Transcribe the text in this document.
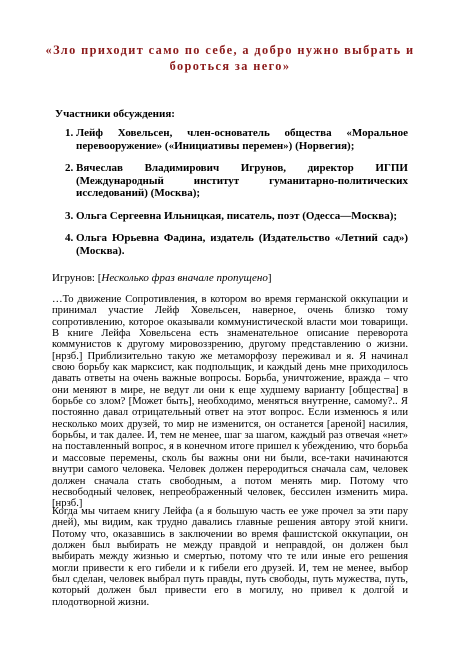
«Зло приходит само по себе, а добро нужно выбрать и бороться за него»
Участники обсуждения:
1. Лейф Ховельсен, член-основатель общества «Моральное перевооружение» («Инициативы перемен») (Норвегия);
2. Вячеслав Владимирович Игрунов, директор ИГПИ (Международный институт гуманитарно-политических исследований) (Москва);
3. Ольга Сергеевна Ильницкая, писатель, поэт (Одесса—Москва);
4. Ольга Юрьевна Фадина, издатель (Издательство «Летний сад») (Москва).
Игрунов: [Несколько фраз вначале пропущено]

…То движение Сопротивления, в котором во время германской оккупации и принимал участие Лейф Ховельсен, наверное, очень близко тому сопротивлению, которое оказывали коммунистической власти мои товарищи. В книге Лейфа Ховельсена есть знаменательное описание переворота коммунистов к другому мировоззрению, другому представлению о жизни. [нрзб.] Приблизительно такую же метаморфозу переживал и я. Я начинал свою борьбу как марксист, как подпольщик, и каждый день мне приходилось давать ответы на очень важные вопросы. Борьба, уничтожение, вражда – что они меняют в мире, не ведут ли они к еще худшему варианту [общества] в борьбе со злом? [Может быть], необходимо, меняться внутренне, самому?.. Я постоянно давал отрицательный ответ на этот вопрос. Если изменюсь я или несколько моих друзей, то мир не изменится, он останется [ареной] насилия, борьбы, и так далее. И, тем не менее, шаг за шагом, каждый раз отвечая «нет» на поставленный вопрос, я в конечном итоге пришел к убеждению, что борьба и массовые перемены, сколь бы важны они ни были, все-таки начинаются внутри самого человека. Человек должен переродиться сначала сам, человек должен сначала стать свободным, а потом менять мир. Потому что несвободный человек, непреображенный человек, бессилен изменить мира. [нрзб.]

Когда мы читаем книгу Лейфа (а я большую часть ее уже прочел за эти пару дней), мы видим, как трудно давались главные решения автору этой книги. Потому что, оказавшись в заключении во время фашистской оккупации, он должен был выбирать не между правдой и неправдой, он должен был выбирать между жизнью и смертью, потому что те или иные его решения могли привести к его гибели и к гибели его друзей. И, тем не менее, выбор был сделан, человек выбрал путь правды, путь свободы, путь мужества, путь, который должен был привести его в могилу, но привел к долгой и плодотворной жизни.
